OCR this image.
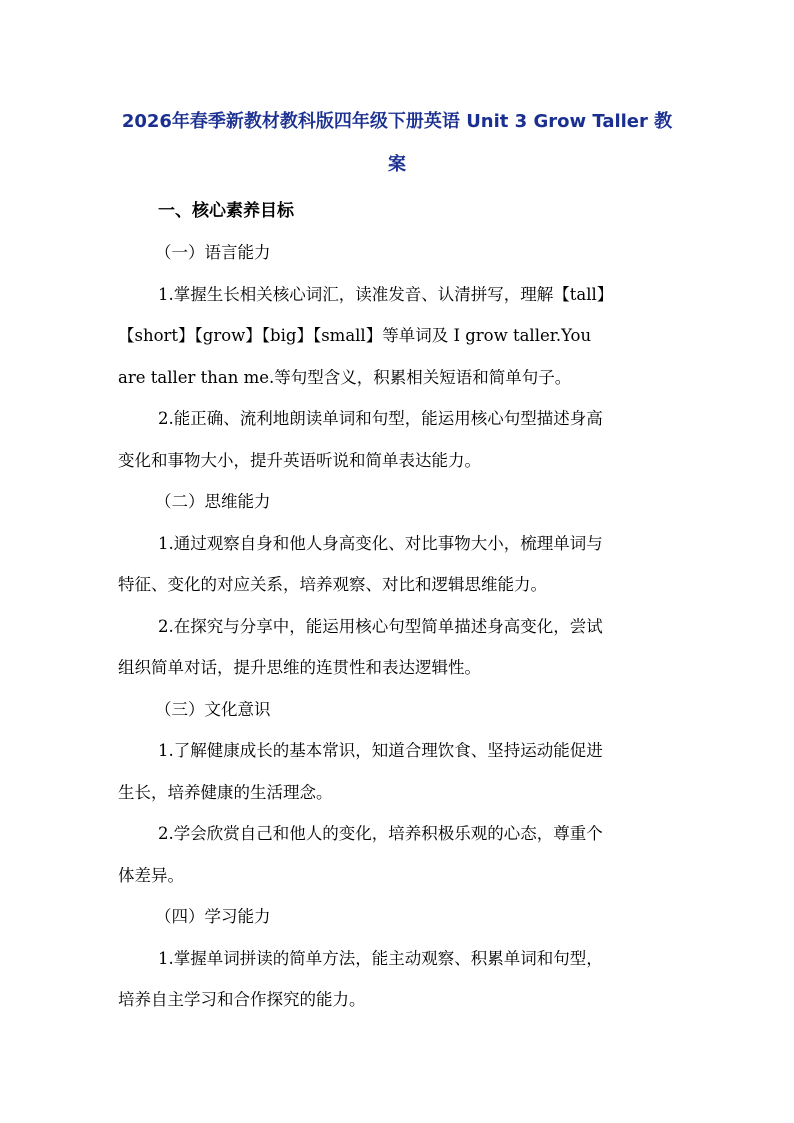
2026年春季新教材教科版四年级下册英语 Unit 3 Grow Taller 教
案
一、核心素养目标
（一）语言能力
1.掌握生长相关核心词汇，读准发音、认清拼写，理解【tall】
【short】【grow】【big】【small】等单词及 I grow taller.You
are taller than me.等句型含义，积累相关短语和简单句子。
2.能正确、流利地朗读单词和句型，能运用核心句型描述身高
变化和事物大小，提升英语听说和简单表达能力。
（二）思维能力
1.通过观察自身和他人身高变化、对比事物大小，梳理单词与
特征、变化的对应关系，培养观察、对比和逻辑思维能力。
2.在探究与分享中，能运用核心句型简单描述身高变化，尝试
组织简单对话，提升思维的连贯性和表达逻辑性。
（三）文化意识
1.了解健康成长的基本常识，知道合理饮食、坚持运动能促进
生长，培养健康的生活理念。
2.学会欣赏自己和他人的变化，培养积极乐观的心态，尊重个
体差异。
（四）学习能力
1.掌握单词拼读的简单方法，能主动观察、积累单词和句型，
培养自主学习和合作探究的能力。
